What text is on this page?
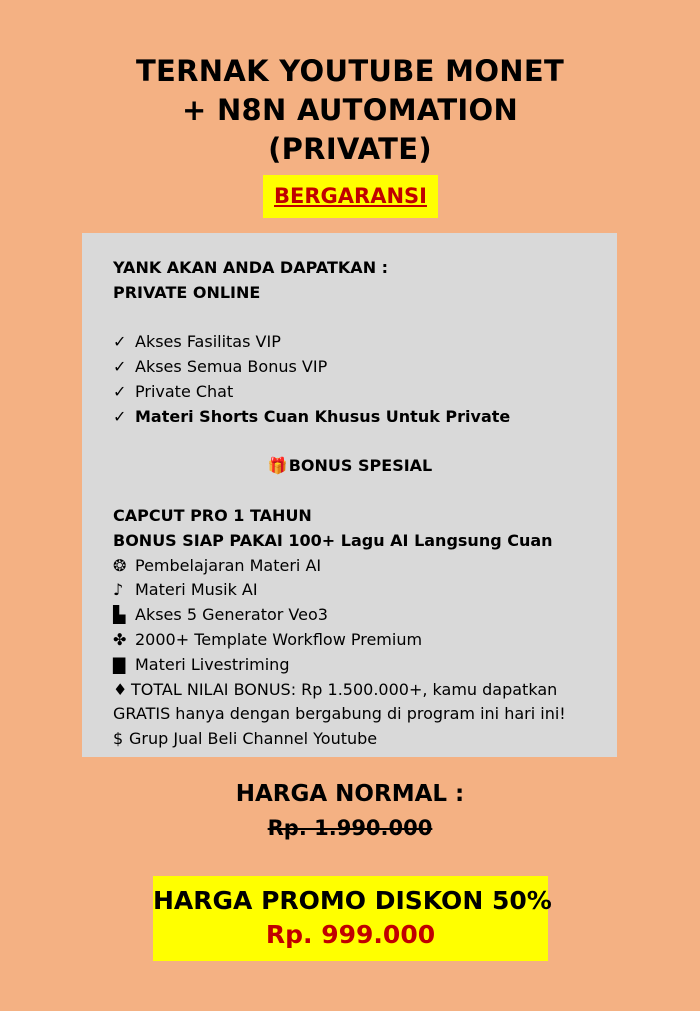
TERNAK YOUTUBE MONET
+ N8N AUTOMATION
(PRIVATE)
BERGARANSI
YANK AKAN ANDA DAPATKAN :
PRIVATE ONLINE
✓ Akses Fasilitas VIP
✓ Akses Semua Bonus VIP
✓ Private Chat
✓ Materi Shorts Cuan Khusus Untuk Private
🎁BONUS SPESIAL
CAPCUT PRO 1 TAHUN
BONUS SIAP PAKAI 100+ Lagu AI Langsung Cuan
❂ Pembelajaran Materi AI
♪ Materi Musik AI
▙ Akses 5 Generator Veo3
✤ 2000+ Template Workflow Premium
▇ Materi Livestriming
♦ TOTAL NILAI BONUS: Rp 1.500.000+, kamu dapatkan
GRATIS hanya dengan bergabung di program ini hari ini!
$ Grup Jual Beli Channel Youtube
HARGA NORMAL :
Rp. 1.990.000
HARGA PROMO DISKON 50%
Rp. 999.000
